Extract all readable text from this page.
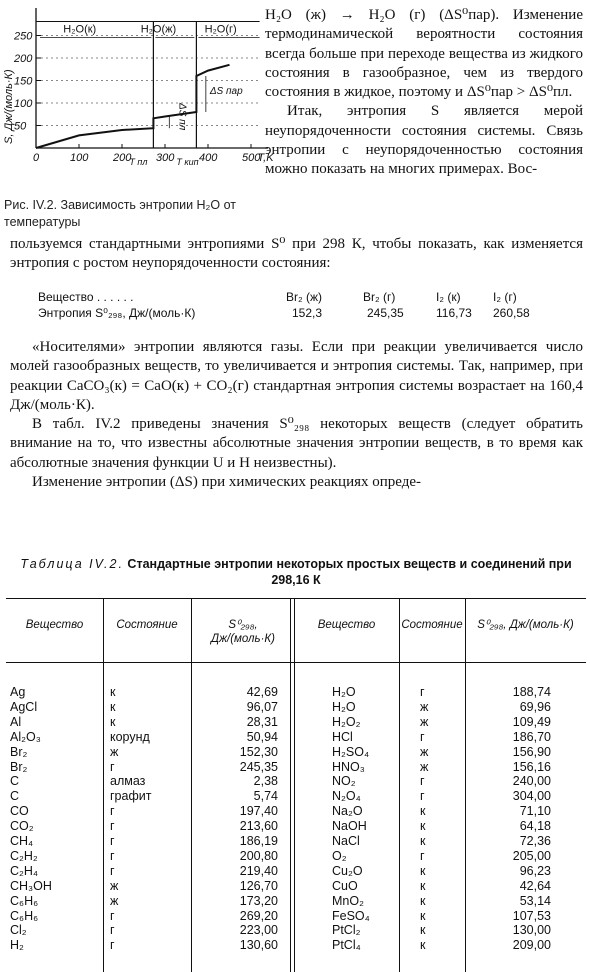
50
100
150
200
250
0	100 200 300 400 500
T,K
S, Дж/(моль·К)
T пл	T кип
H₂O(к)	H₂O(ж)	H₂O(г)
ΔS пл
ΔS пар
Рис. IV.2. Зависимость энтропии H₂O от температуры

H₂O (ж) → H₂O (г) (ΔS⁰пар). Изменение термодинамической вероятности состояния всегда больше при переходе вещества из жидкого состояния в газообразное, чем из твердого состояния в жидкое, поэтому и ΔS⁰пар > ΔS⁰пл.

Итак, энтропия S является мерой неупорядоченности состояния системы. Связь энтропии с неупорядоченностью состояния можно показать на многих примерах. Вос-

пользуемся стандартными энтропиями S⁰ при 298 К, чтобы показать, как изменяется энтропия с ростом неупорядоченности состояния:

Вещество . . . . . .	Br₂ (ж)	Br₂ (г)	I₂ (к)	I₂ (г)
Энтропия S⁰₂₉₈, Дж/(моль·К)	152,3	245,35	116,73 260,58

«Носителями» энтропии являются газы. Если при реакции увеличивается число молей газообразных веществ, то увеличивается и энтропия системы. Так, например, при реакции CaCO₃(к) = CaO(к) + CO₂(г) стандартная энтропия системы возрастает на 160,4 Дж/(моль·К).

В табл. IV.2 приведены значения S⁰₂₉₈ некоторых веществ (следует обратить внимание на то, что известны абсолютные значения энтропии веществ, в то время как абсолютные значения функции U и H неизвестны).

Изменение энтропии (ΔS) при химических реакциях опреде-

Таблица IV.2. Стандартные энтропии некоторых простых веществ и соединений при 298,16 К
Вещество	Состояние	S⁰₂₉₈, Дж/(моль·К)
Вещество	Состояние	S⁰₂₉₈, Дж/(моль·К)
Ag	к	42,69
AgCl	к	96,07
Al	к	28,31
Al₂O₃	корунд	50,94
Br₂	ж	152,30
Br₂	г	245,35
C	алмаз	2,38
C	графит	5,74
CO	г	197,40
CO₂	г	213,60
CH₄	г	186,19
C₂H₂	г	200,80
C₂H₄	г	219,40
CH₃OH	ж	126,70
C₆H₆	ж	173,20
C₆H₆	г	269,20
Cl₂	г	223,00
H₂	г	130,60
H₂O	г	188,74
H₂O	ж	69,96
H₂O₂	ж	109,49
HCl	г	186,70
H₂SO₄	ж	156,90
HNO₃	ж	156,16
NO₂	г	240,00
N₂O₄	г	304,00
Na₂O	к	71,10
NaOH	к	64,18
NaCl	к	72,36
O₂	г	205,00
Cu₂O	к	96,23
CuO	к	42,64
MnO₂	к	53,14
FeSO₄	к	107,53
PtCl₂	к	130,00
PtCl₄	к	209,00
